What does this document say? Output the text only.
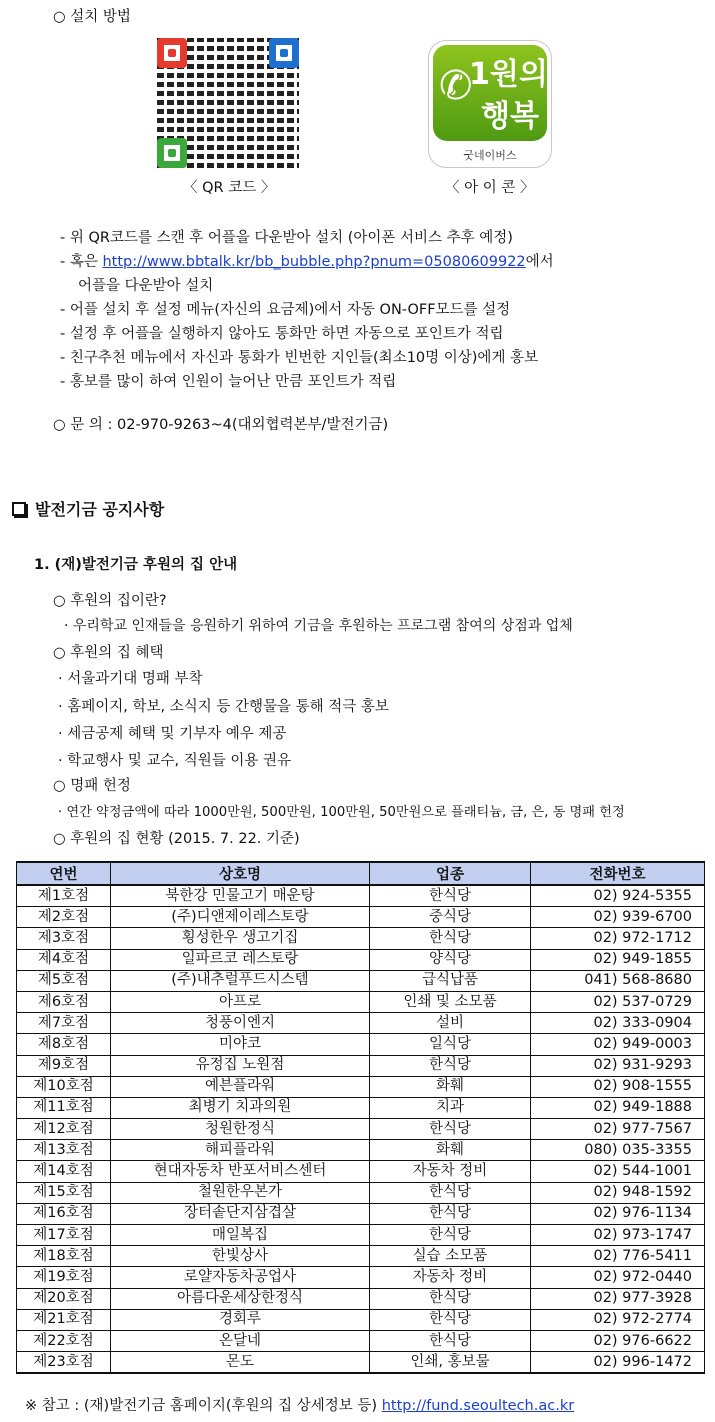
○ 설치 방법
〈 QR 코드 〉
✆
1원의
행복
굿네이버스
〈 아 이 콘 〉
- 위 QR코드를 스캔 후 어플을 다운받아 설치 (아이폰 서비스 추후 예정)
- 혹은 http://www.bbtalk.kr/bb_bubble.php?pnum=05080609922에서
어플을 다운받아 설치
- 어플 설치 후 설정 메뉴(자신의 요금제)에서 자동 ON-OFF모드를 설정
- 설정 후 어플을 실행하지 않아도 통화만 하면 자동으로 포인트가 적립
- 친구추천 메뉴에서 자신과 통화가 빈번한 지인들(최소10명 이상)에게 홍보
- 홍보를 많이 하여 인원이 늘어난 만큼 포인트가 적립
○ 문 의 : 02-970-9263~4(대외협력본부/발전기금)
발전기금 공지사항
1. (재)발전기금 후원의 집 안내
○ 후원의 집이란?
· 우리학교 인재들을 응원하기 위하여 기금을 후원하는 프로그램 참여의 상점과 업체
○ 후원의 집 혜택
· 서울과기대 명패 부착
· 홈페이지, 학보, 소식지 등 간행물을 통해 적극 홍보
· 세금공제 혜택 및 기부자 예우 제공
· 학교행사 및 교수, 직원들 이용 권유
○ 명패 헌정
· 연간 약정금액에 따라 1000만원, 500만원, 100만원, 50만원으로 플래티늄, 금, 은, 동 명패 헌정
○ 후원의 집 현황 (2015. 7. 22. 기준)
연번	상호명	업종	전화번호
제1호점	북한강 민물고기 매운탕	한식당	02) 924-5355
제2호점	(주)디앤제이레스토랑	중식당	02) 939-6700
제3호점	횡성한우 생고기집	한식당	02) 972-1712
제4호점	일파르코 레스토랑	양식당	02) 949-1855
제5호점	(주)내추럴푸드시스템	급식납품	041) 568-8680
제6호점	아프로	인쇄 및 소모품	02) 537-0729
제7호점	청풍이엔지	설비	02) 333-0904
제8호점	미야코	일식당	02) 949-0003
제9호점	유정집 노원점	한식당	02) 931-9293
제10호점	예븐플라워	화훼	02) 908-1555
제11호점	최병기 치과의원	치과	02) 949-1888
제12호점	청원한정식	한식당	02) 977-7567
제13호점	해피플라워	화훼	080) 035-3355
제14호점	현대자동차 반포서비스센터	자동차 정비	02) 544-1001
제15호점	철원한우본가	한식당	02) 948-1592
제16호점	장터솥단지삼겹살	한식당	02) 976-1134
제17호점	매일복집	한식당	02) 973-1747
제18호점	한빛상사	실습 소모품	02) 776-5411
제19호점	로얄자동차공업사	자동차 정비	02) 972-0440
제20호점	아름다운세상한정식	한식당	02) 977-3928
제21호점	경회루	한식당	02) 972-2774
제22호점	온달네	한식당	02) 976-6622
제23호점	몬도	인쇄, 홍보물	02) 996-1472
※ 참고 : (재)발전기금 홈페이지(후원의 집 상세정보 등) http://fund.seoultech.ac.kr
